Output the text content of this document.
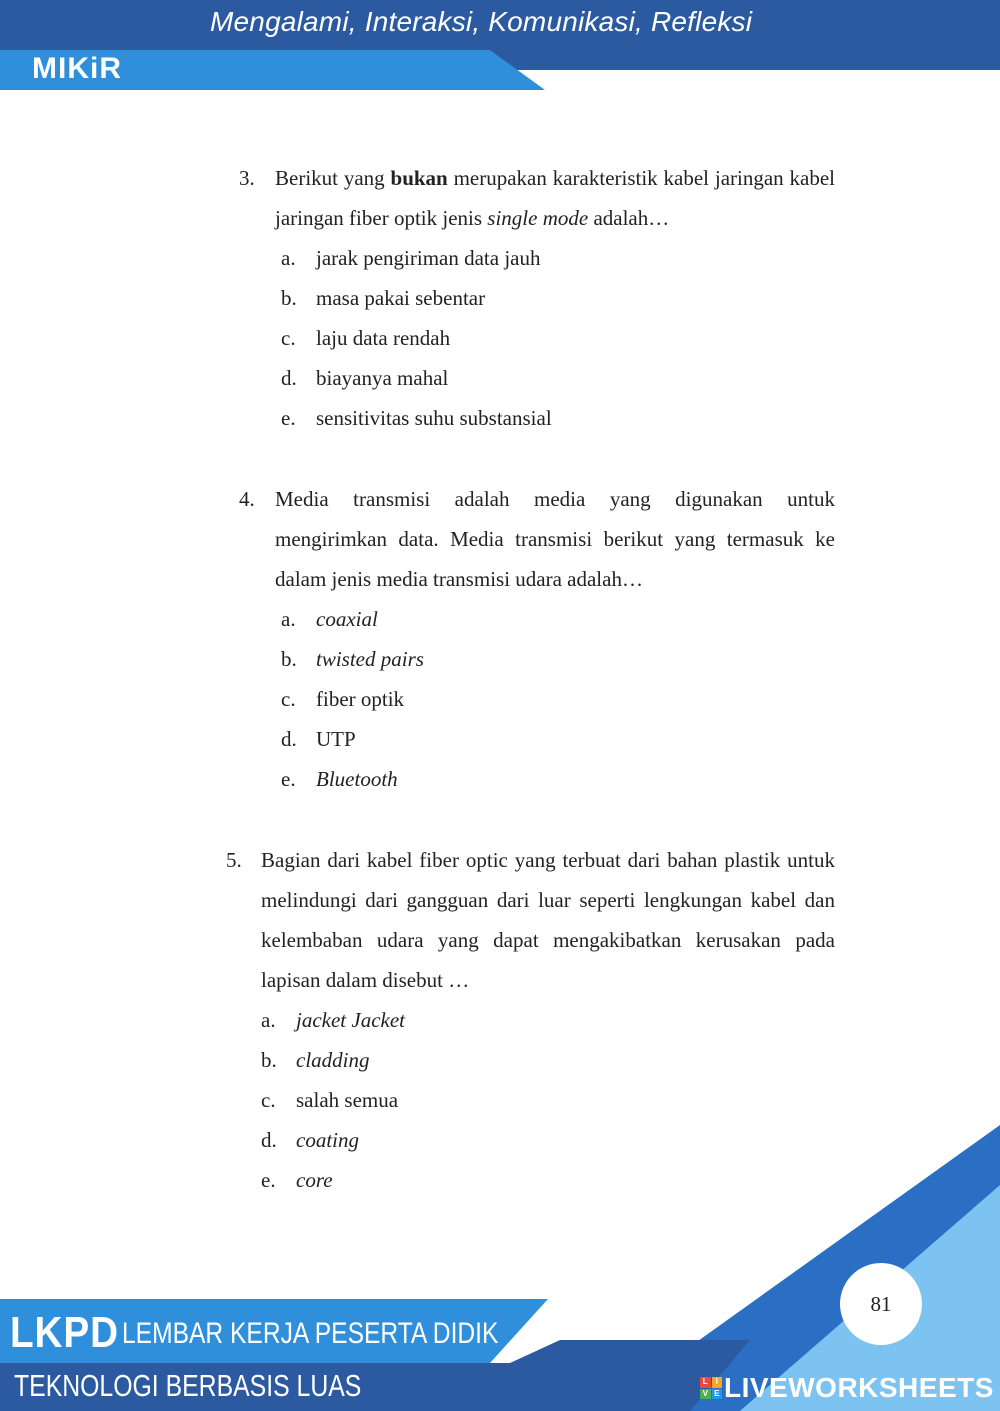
Mengalami, Interaksi, Komunikasi, Refleksi
MIKiR
3. Berikut yang bukan merupakan karakteristik kabel jaringan kabel jaringan fiber optik jenis single mode adalah…
a. jarak pengiriman data jauh
b. masa pakai sebentar
c. laju data rendah
d. biayanya mahal
e. sensitivitas suhu substansial
4. Media transmisi adalah media yang digunakan untuk mengirimkan data. Media transmisi berikut yang termasuk ke dalam jenis media transmisi udara adalah…
a. coaxial
b. twisted pairs
c. fiber optik
d. UTP
e. Bluetooth
5. Bagian dari kabel fiber optic yang terbuat dari bahan plastik untuk melindungi dari gangguan dari luar seperti lengkungan kabel dan kelembaban udara yang dapat mengakibatkan kerusakan pada lapisan dalam disebut …
a. jacket Jacket
b. cladding
c. salah semua
d. coating
e. core
81
LKPD LEMBAR KERJA PESERTA DIDIK
TEKNOLOGI BERBASIS LUAS	L I
V E LIVEWORKSHEETS
